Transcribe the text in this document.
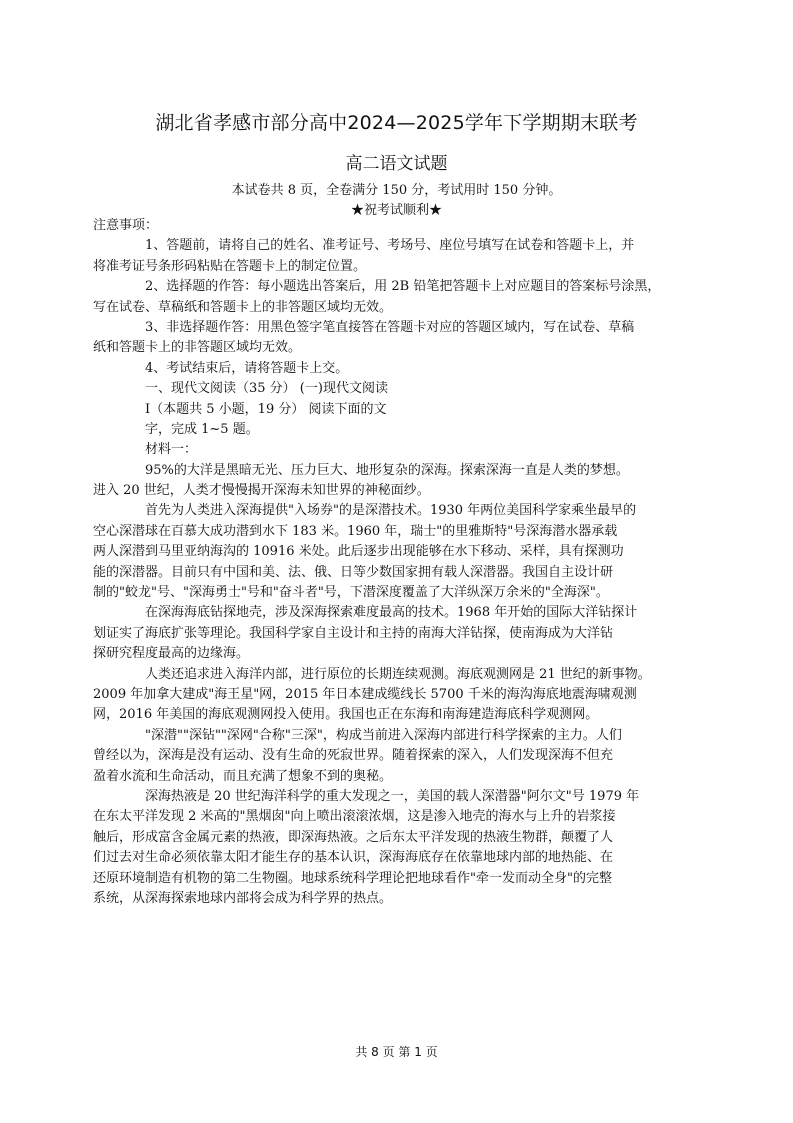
湖北省孝感市部分高中2024—2025学年下学期期末联考
高二语文试题
本试卷共 8 页，全卷满分 150 分，考试用时 150 分钟。
★祝考试顺利★
注意事项：
1、答题前，请将自己的姓名、准考证号、考场号、座位号填写在试卷和答题卡上，并
将准考证号条形码粘贴在答题卡上的制定位置。
2、选择题的作答：每小题选出答案后，用 2B 铅笔把答题卡上对应题目的答案标号涂黑，
写在试卷、草稿纸和答题卡上的非答题区域均无效。
3、非选择题作答：用黑色签字笔直接答在答题卡对应的答题区域内，写在试卷、草稿
纸和答题卡上的非答题区域均无效。
4、考试结束后，请将答题卡上交。
一、现代文阅读（35 分） (一)现代文阅读
Ⅰ（本题共 5 小题，19 分） 阅读下面的文
字，完成 1~5 题。
材料一：
95%的大洋是黑暗无光、压力巨大、地形复杂的深海。探索深海一直是人类的梦想。
进入 20 世纪，人类才慢慢揭开深海未知世界的神秘面纱。
首先为人类进入深海提供"入场券"的是深潜技术。1930 年两位美国科学家乘坐最早的
空心深潜球在百慕大成功潜到水下 183 米。1960 年，瑞士"的里雅斯特"号深海潜水器承载
两人深潜到马里亚纳海沟的 10916 米处。此后逐步出现能够在水下移动、采样，具有探测功
能的深潜器。目前只有中国和美、法、俄、日等少数国家拥有载人深潜器。我国自主设计研
制的"蛟龙"号、"深海勇士"号和"奋斗者"号，下潜深度覆盖了大洋纵深万余米的"全海深"。
在深海海底钻探地壳，涉及深海探索难度最高的技术。1968 年开始的国际大洋钻探计
划证实了海底扩张等理论。我国科学家自主设计和主持的南海大洋钻探，使南海成为大洋钻
探研究程度最高的边缘海。
人类还追求进入海洋内部，进行原位的长期连续观测。海底观测网是 21 世纪的新事物。
2009 年加拿大建成"海王星"网，2015 年日本建成缆线长 5700 千米的海沟海底地震海啸观测
网，2016 年美国的海底观测网投入使用。我国也正在东海和南海建造海底科学观测网。
"深潜""深钻""深网"合称"三深"，构成当前进入深海内部进行科学探索的主力。人们
曾经以为，深海是没有运动、没有生命的死寂世界。随着探索的深入，人们发现深海不但充
盈着水流和生命活动，而且充满了想象不到的奥秘。
深海热液是 20 世纪海洋科学的重大发现之一，美国的载人深潜器"阿尔文"号 1979 年
在东太平洋发现 2 米高的"黑烟囱"向上喷出滚滚浓烟，这是渗入地壳的海水与上升的岩浆接
触后，形成富含金属元素的热液，即深海热液。之后东太平洋发现的热液生物群，颠覆了人
们过去对生命必须依靠太阳才能生存的基本认识，深海海底存在依靠地球内部的地热能、在
还原环境制造有机物的第二生物圈。地球系统科学理论把地球看作"牵一发而动全身"的完整
系统，从深海探索地球内部将会成为科学界的热点。
共 8 页 第 1 页
